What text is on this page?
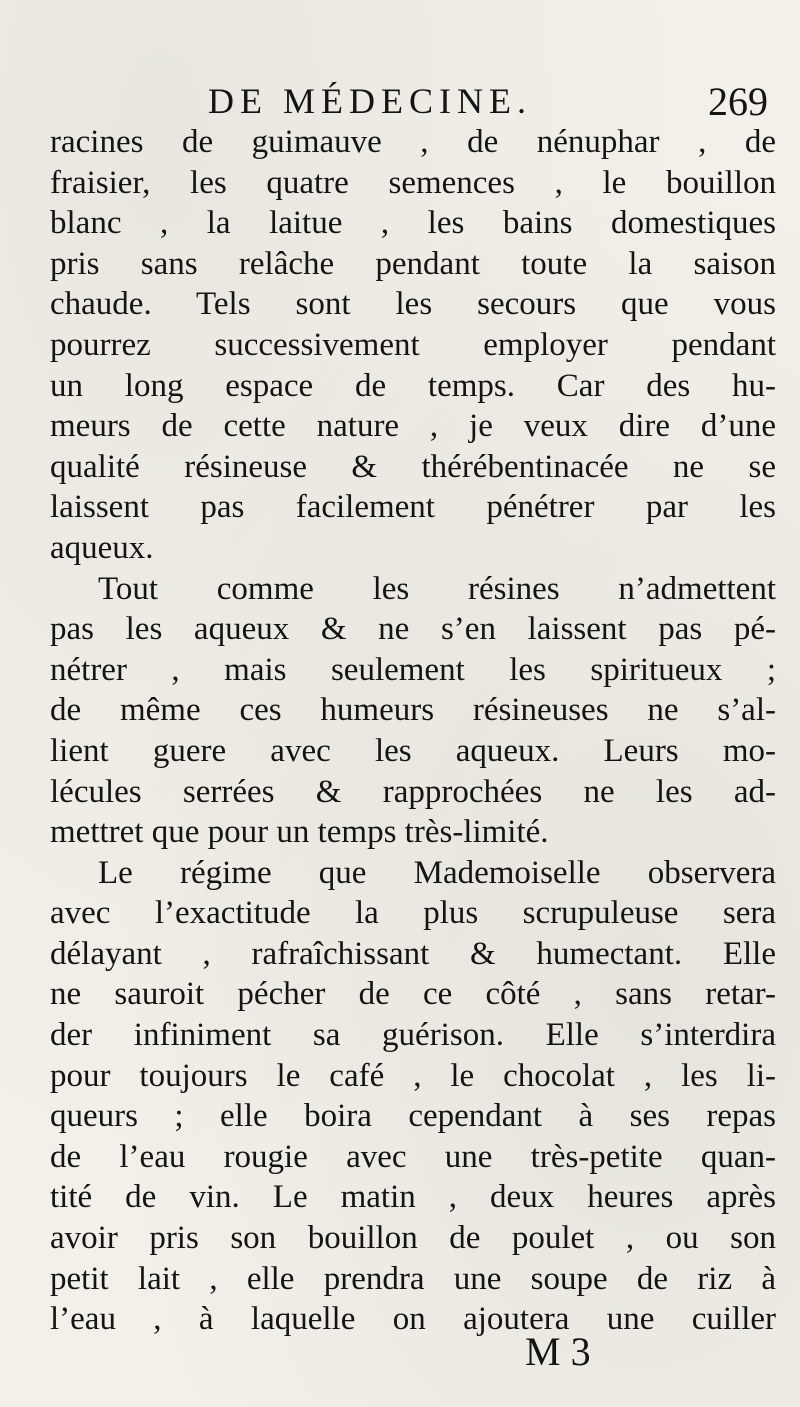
DE MÉDECINE.	269
racines de guimauve , de nénuphar , de
fraisier, les quatre semences , le bouillon
blanc , la laitue , les bains domestiques
pris sans relâche pendant toute la saison
chaude. Tels sont les secours que vous
pourrez successivement employer pendant
un long espace de temps. Car des hu-
meurs de cette nature , je veux dire d’une
qualité résineuse & thérébentinacée ne se
laissent pas facilement pénétrer par les
aqueux.
Tout comme les résines n’admettent
pas les aqueux & ne s’en laissent pas pé-
nétrer , mais seulement les spiritueux ;
de même ces humeurs résineuses ne s’al-
lient guere avec les aqueux. Leurs mo-
lécules serrées & rapprochées ne les ad-
mettret que pour un temps très-limité.
Le régime que Mademoiselle observera
avec l’exactitude la plus scrupuleuse sera
délayant , rafraîchissant & humectant. Elle
ne sauroit pécher de ce côté , sans retar-
der infiniment sa guérison. Elle s’interdira
pour toujours le café , le chocolat , les li-
queurs ; elle boira cependant à ses repas
de l’eau rougie avec une très-petite quan-
tité de vin. Le matin , deux heures après
avoir pris son bouillon de poulet , ou son
petit lait , elle prendra une soupe de riz à
l’eau , à laquelle on ajoutera une cuiller
M 3
